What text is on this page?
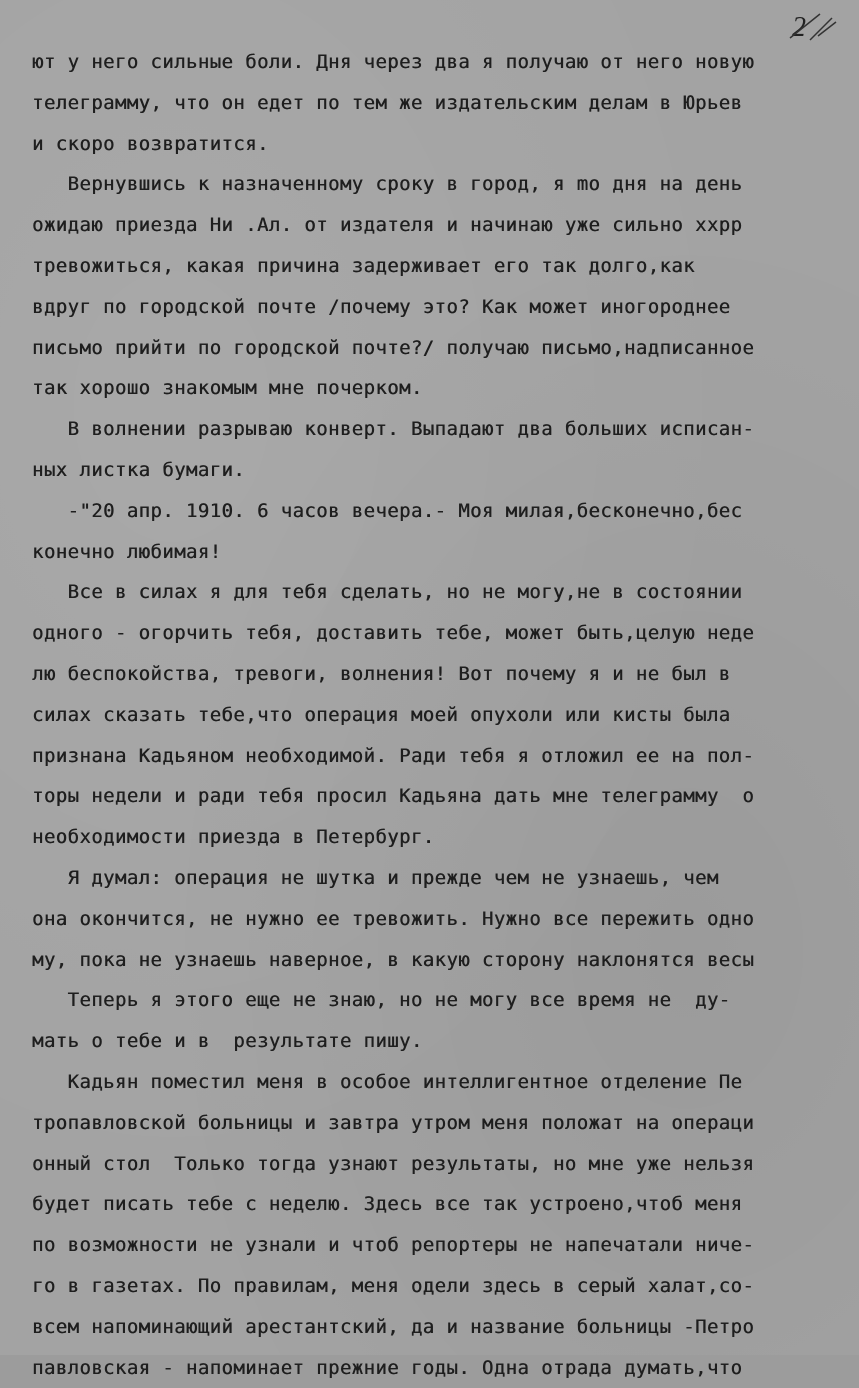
2
ют у него сильные боли. Дня через два я получаю от него новую
телеграмму, что он едет по тем же издательским делам в Юрьев
и скоро возвратится.
Вернувшись к назначенному сроку в город, я mо дня на день
ожидаю приезда Ни .Ал. от издателя и начинаю уже сильно xxpp
тревожиться, какая причина задерживает его так долго,как
вдруг по городской почте /почему это? Как может иногороднее
письмо прийти по городской почте?/ получаю письмо,надписанное
так хорошо знакомым мне почерком.
В волнении разрываю конверт. Выпадают два больших исписан-
ных листка бумаги.
-"20 апр. 1910. 6 часов вечера.- Моя милая,бесконечно,бес
конечно любимая!
Все в силах я для тебя сделать, но не могу,не в состоянии
одного - огорчить тебя, доставить тебе, может быть,целую неде
лю беспокойства, тревоги, волнения! Вот почему я и не был в
силах сказать тебе,что операция моей опухоли или кисты была
признана Кадьяном необходимой. Ради тебя я отложил ее на пол-
торы недели и ради тебя просил Кадьяна дать мне телеграмму  о
необходимости приезда в Петербург.
Я думал: операция не шутка и прежде чем не узнаешь, чем
она окончится, не нужно ее тревожить. Нужно все пережить одно
му, пока не узнаешь наверное, в какую сторону наклонятся весы
Теперь я этого еще не знаю, но не могу все время не  ду-
мать о тебе и в  результате пишу.
Кадьян поместил меня в особое интеллигентное отделение Пе
тропавловской больницы и завтра утром меня положат на операци
онный стол  Только тогда узнают результаты, но мне уже нельзя
будет писать тебе с неделю. Здесь все так устроено,чтоб меня
по возможности не узнали и чтоб репортеры не напечатали ниче-
го в газетах. По правилам, меня одели здесь в серый халат,со-
всем напоминающий арестантский, да и название больницы -Петро
павловская - напоминает прежние годы. Одна отрада думать,что
